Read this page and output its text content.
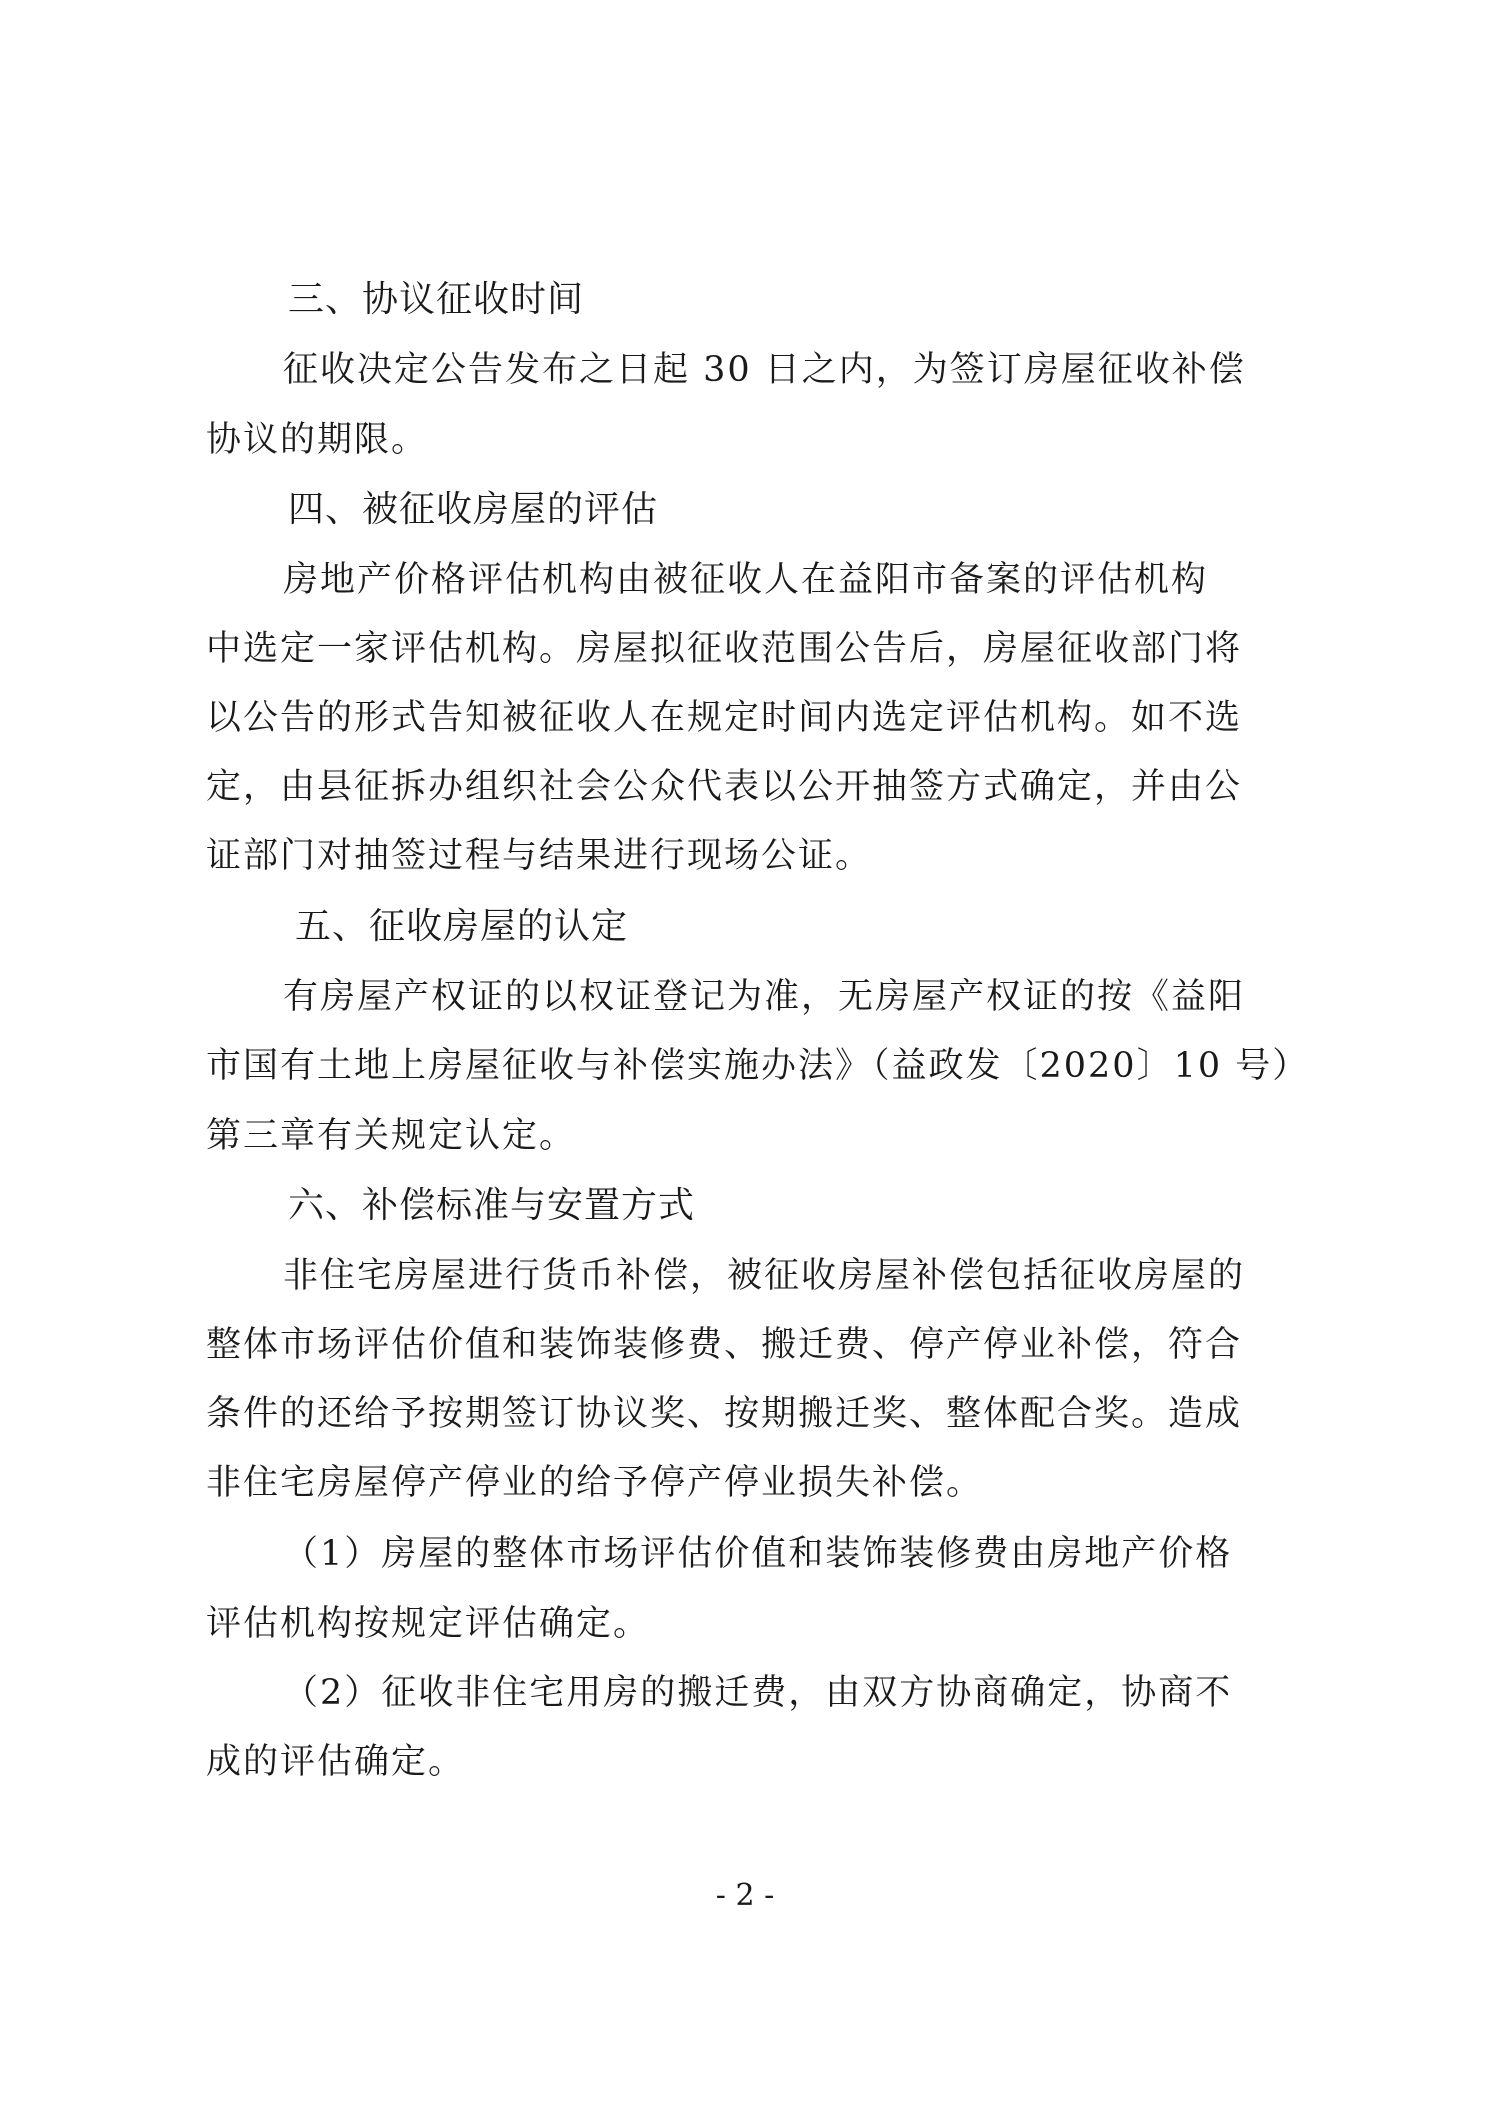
三、协议征收时间
征收决定公告发布之日起 30 日之内，为签订房屋征收补偿
协议的期限。
四、被征收房屋的评估
房地产价格评估机构由被征收人在益阳市备案的评估机构
中选定一家评估机构。房屋拟征收范围公告后，房屋征收部门将
以公告的形式告知被征收人在规定时间内选定评估机构。如不选
定，由县征拆办组织社会公众代表以公开抽签方式确定，并由公
证部门对抽签过程与结果进行现场公证。
五、征收房屋的认定
有房屋产权证的以权证登记为准，无房屋产权证的按《益阳
市国有土地上房屋征收与补偿实施办法》（益政发〔2020〕10 号）
第三章有关规定认定。
六、补偿标准与安置方式
非住宅房屋进行货币补偿，被征收房屋补偿包括征收房屋的
整体市场评估价值和装饰装修费、搬迁费、停产停业补偿，符合
条件的还给予按期签订协议奖、按期搬迁奖、整体配合奖。造成
非住宅房屋停产停业的给予停产停业损失补偿。
（1）房屋的整体市场评估价值和装饰装修费由房地产价格
评估机构按规定评估确定。
（2）征收非住宅用房的搬迁费，由双方协商确定，协商不
成的评估确定。
- 2 -
